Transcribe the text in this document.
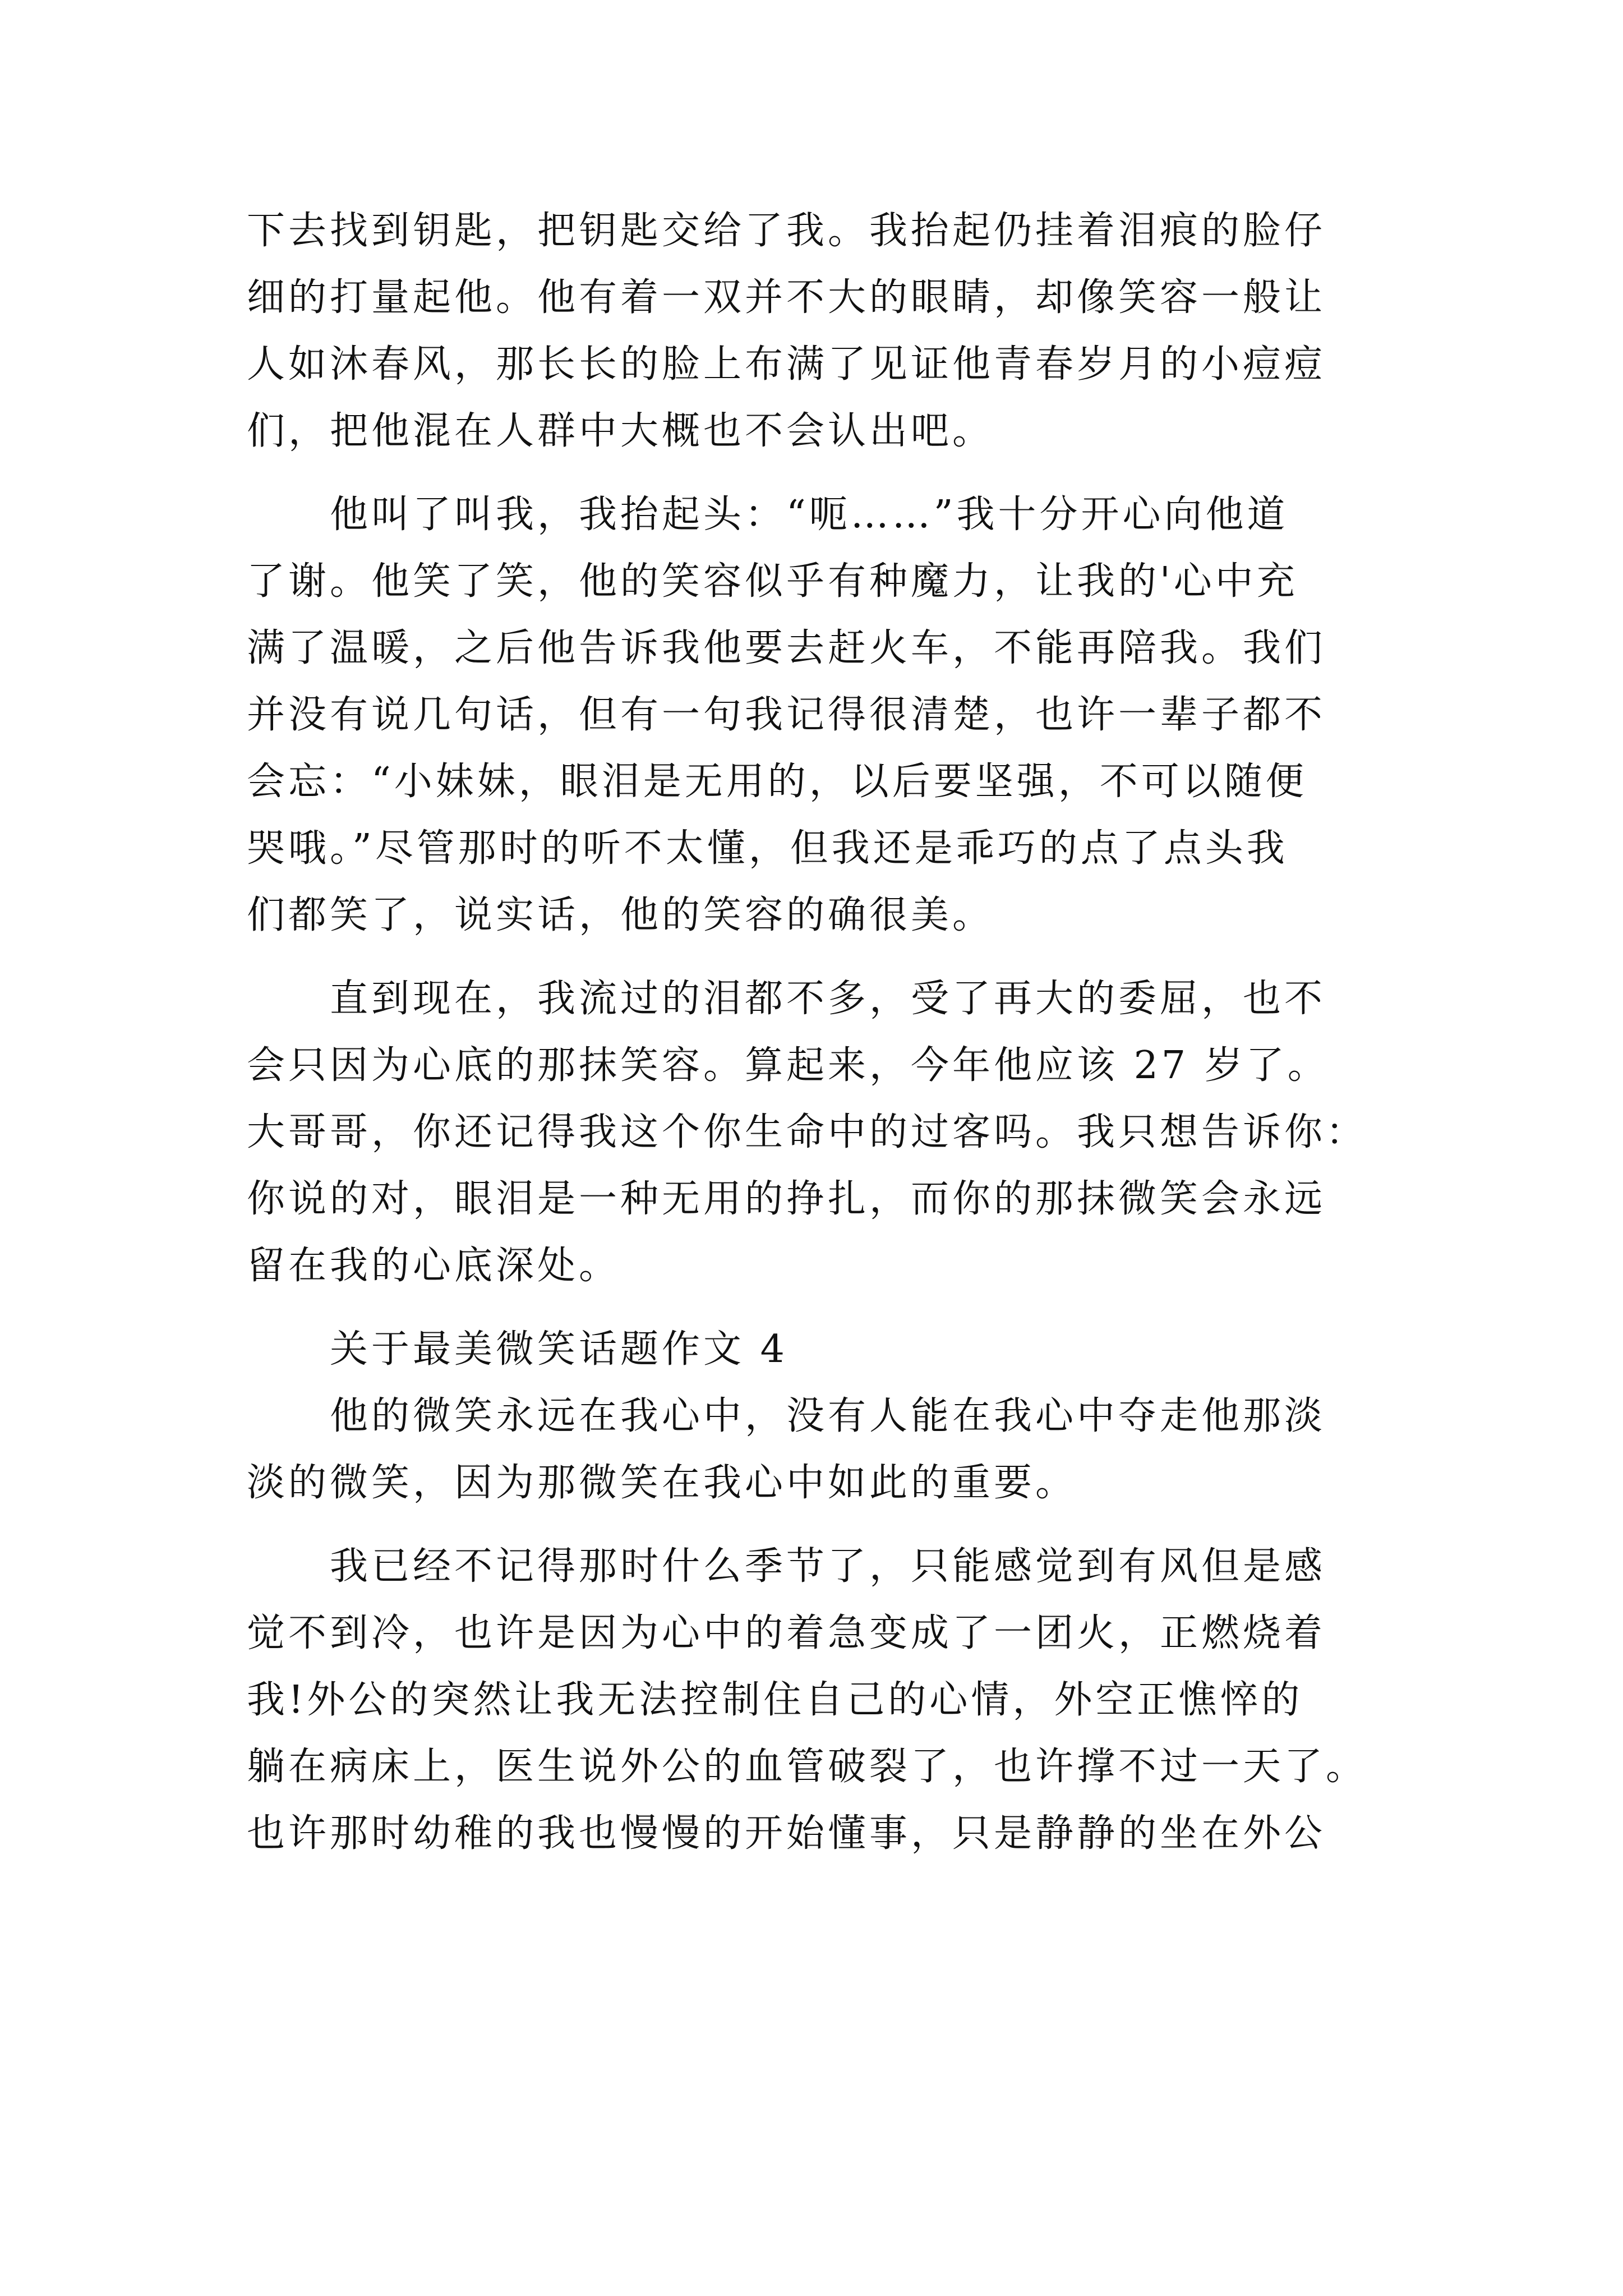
下去找到钥匙，把钥匙交给了我。我抬起仍挂着泪痕的脸仔
细的打量起他。他有着一双并不大的眼睛，却像笑容一般让
人如沐春风，那长长的脸上布满了见证他青春岁月的小痘痘
们，把他混在人群中大概也不会认出吧。
　　他叫了叫我，我抬起头：“呃……”我十分开心向他道
了谢。他笑了笑，他的笑容似乎有种魔力，让我的'心中充
满了温暖，之后他告诉我他要去赶火车，不能再陪我。我们
并没有说几句话，但有一句我记得很清楚，也许一辈子都不
会忘：“小妹妹，眼泪是无用的，以后要坚强，不可以随便
哭哦。”尽管那时的听不太懂，但我还是乖巧的点了点头我
们都笑了，说实话，他的笑容的确很美。
　　直到现在，我流过的泪都不多，受了再大的委屈，也不
会只因为心底的那抹笑容。算起来，今年他应该 27 岁了。
大哥哥，你还记得我这个你生命中的过客吗。我只想告诉你：
你说的对，眼泪是一种无用的挣扎，而你的那抹微笑会永远
留在我的心底深处。
　　关于最美微笑话题作文 4
　　他的微笑永远在我心中，没有人能在我心中夺走他那淡
淡的微笑，因为那微笑在我心中如此的重要。
　　我已经不记得那时什么季节了，只能感觉到有风但是感
觉不到冷，也许是因为心中的着急变成了一团火，正燃烧着
我!外公的突然让我无法控制住自己的心情，外空正憔悴的
躺在病床上，医生说外公的血管破裂了，也许撑不过一天了。
也许那时幼稚的我也慢慢的开始懂事，只是静静的坐在外公
